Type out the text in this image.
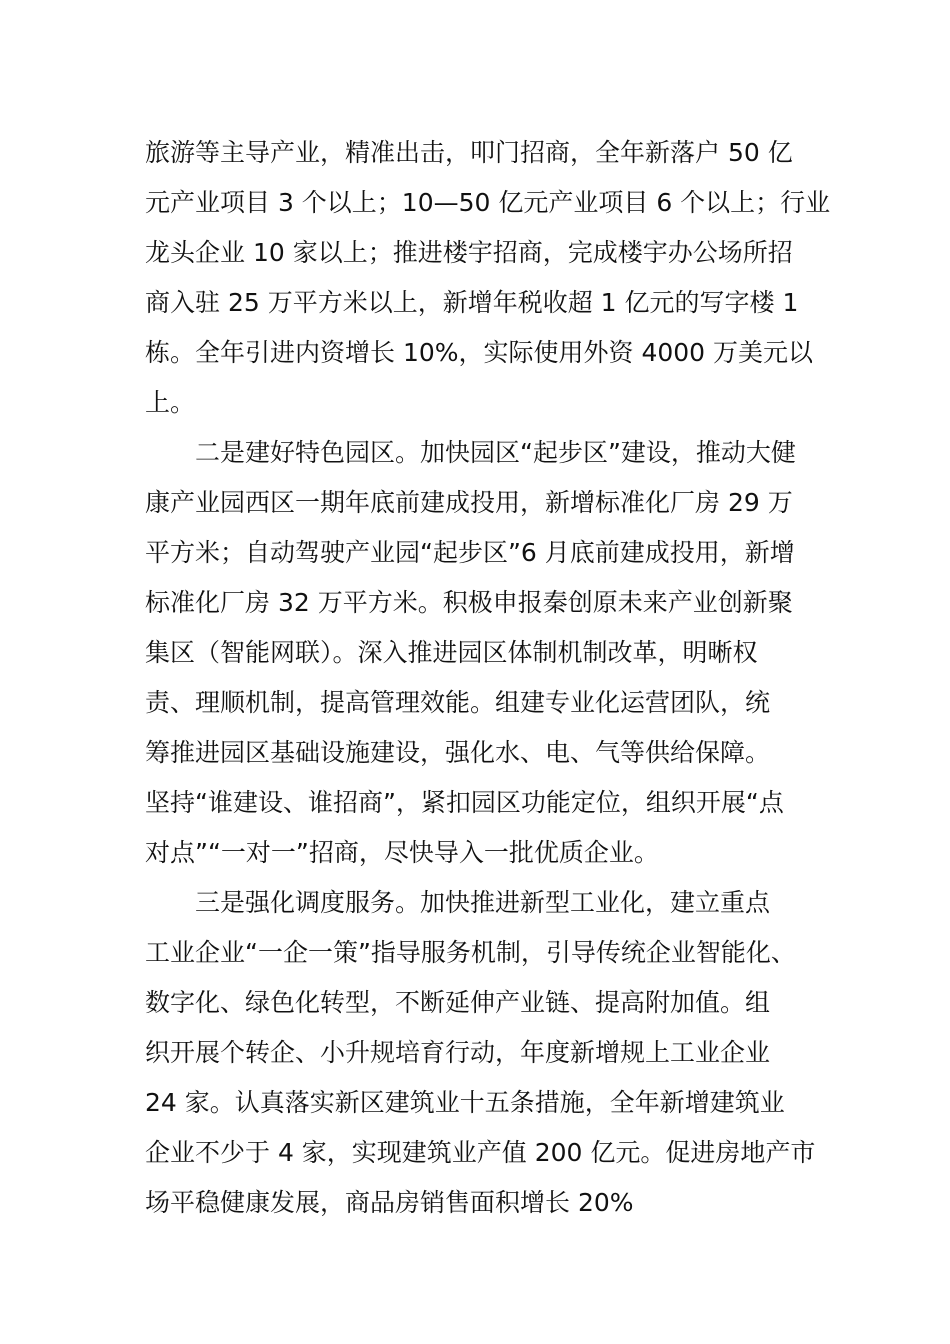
旅游等主导产业，精准出击，叩门招商，全年新落户 50 亿
元产业项目 3 个以上；10—50 亿元产业项目 6 个以上；行业
龙头企业 10 家以上；推进楼宇招商，完成楼宇办公场所招
商入驻 25 万平方米以上，新增年税收超 1 亿元的写字楼 1
栋。全年引进内资增长 10%，实际使用外资 4000 万美元以
上。
二是建好特色园区。加快园区“起步区”建设，推动大健
康产业园西区一期年底前建成投用，新增标准化厂房 29 万
平方米；自动驾驶产业园“起步区”6 月底前建成投用，新增
标准化厂房 32 万平方米。积极申报秦创原未来产业创新聚
集区（智能网联）。深入推进园区体制机制改革，明晰权
责、理顺机制，提高管理效能。组建专业化运营团队，统
筹推进园区基础设施建设，强化水、电、气等供给保障。
坚持“谁建设、谁招商”，紧扣园区功能定位，组织开展“点
对点”“一对一”招商，尽快导入一批优质企业。
三是强化调度服务。加快推进新型工业化，建立重点
工业企业“一企一策”指导服务机制，引导传统企业智能化、
数字化、绿色化转型，不断延伸产业链、提高附加值。组
织开展个转企、小升规培育行动，年度新增规上工业企业
24 家。认真落实新区建筑业十五条措施，全年新增建筑业
企业不少于 4 家，实现建筑业产值 200 亿元。促进房地产市
场平稳健康发展，商品房销售面积增长 20%
